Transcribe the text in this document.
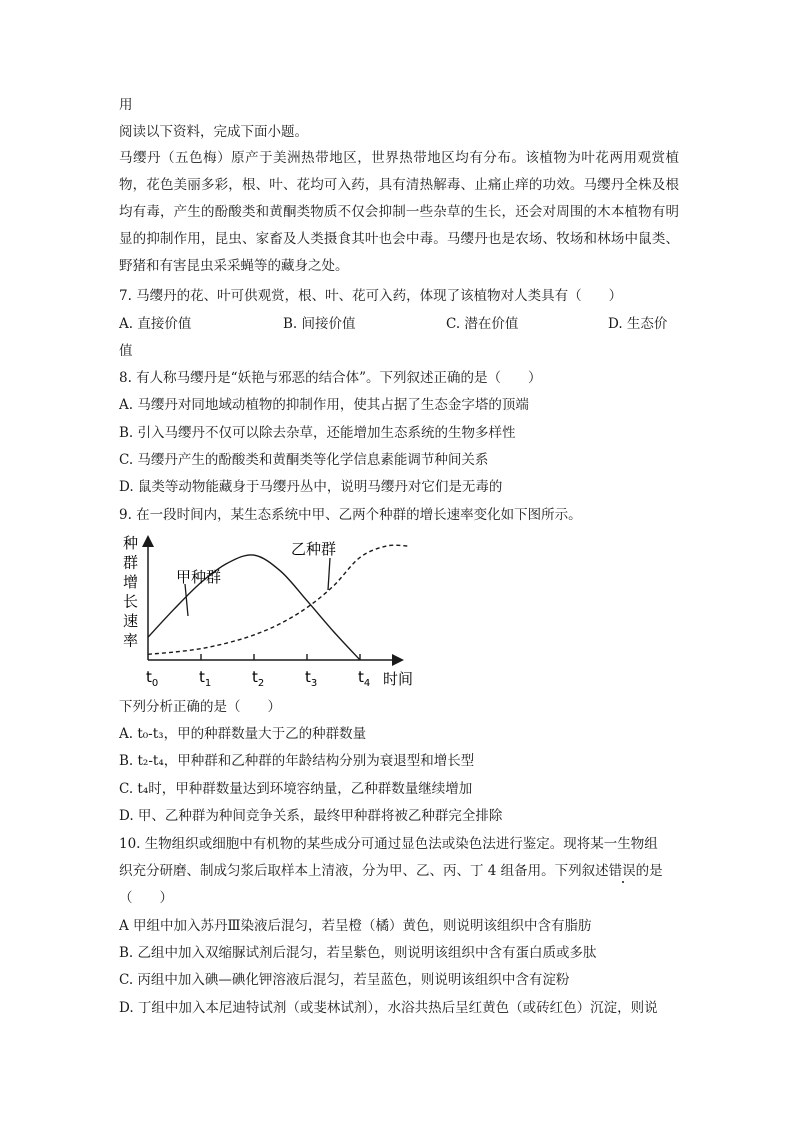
用
阅读以下资料，完成下面小题。
马缨丹（五色梅）原产于美洲热带地区，世界热带地区均有分布。该植物为叶花两用观赏植物，花色美丽多彩，根、叶、花均可入药，具有清热解毒、止痛止痒的功效。马缨丹全株及根均有毒，产生的酚酸类和黄酮类物质不仅会抑制一些杂草的生长，还会对周围的木本植物有明显的抑制作用，昆虫、家畜及人类摄食其叶也会中毒。马缨丹也是农场、牧场和林场中鼠类、野猪和有害昆虫采采蝇等的藏身之处。
7. 马缨丹的花、叶可供观赏，根、叶、花可入药，体现了该植物对人类具有（　　）
A. 直接价值	B. 间接价值	C. 潜在价值	D. 生态价
值
8. 有人称马缨丹是“妖艳与邪恶的结合体”。下列叙述正确的是（　　）
A. 马缨丹对同地域动植物的抑制作用，使其占据了生态金字塔的顶端
B. 引入马缨丹不仅可以除去杂草，还能增加生态系统的生物多样性
C. 马缨丹产生的酚酸类和黄酮类等化学信息素能调节种间关系
D. 鼠类等动物能藏身于马缨丹丛中，说明马缨丹对它们是无毒的
9. 在一段时间内，某生态系统中甲、乙两个种群的增长速率变化如下图所示。
种
群
增
长
速
率
$t_0$	$t_1$	$t_2$	$t_3$	$t_4$ 时间
甲种群
乙种群
下列分析正确的是（　　）
A. t₀-t₃，甲的种群数量大于乙的种群数量
B. t₂-t₄，甲种群和乙种群的年龄结构分别为衰退型和增长型
C. t₄时，甲种群数量达到环境容纳量，乙种群数量继续增加
D. 甲、乙种群为种间竞争关系，最终甲种群将被乙种群完全排除
10. 生物组织或细胞中有机物的某些成分可通过显色法或染色法进行鉴定。现将某一生物组
织充分研磨、制成匀浆后取样本上清液，分为甲、乙、丙、丁 4 组备用。下列叙述错误的是
（　　）
A 甲组中加入苏丹Ⅲ染液后混匀，若呈橙（橘）黄色，则说明该组织中含有脂肪
B. 乙组中加入双缩脲试剂后混匀，若呈紫色，则说明该组织中含有蛋白质或多肽
C. 丙组中加入碘—碘化钾溶液后混匀，若呈蓝色，则说明该组织中含有淀粉
D. 丁组中加入本尼迪特试剂（或斐林试剂），水浴共热后呈红黄色（或砖红色）沉淀，则说
